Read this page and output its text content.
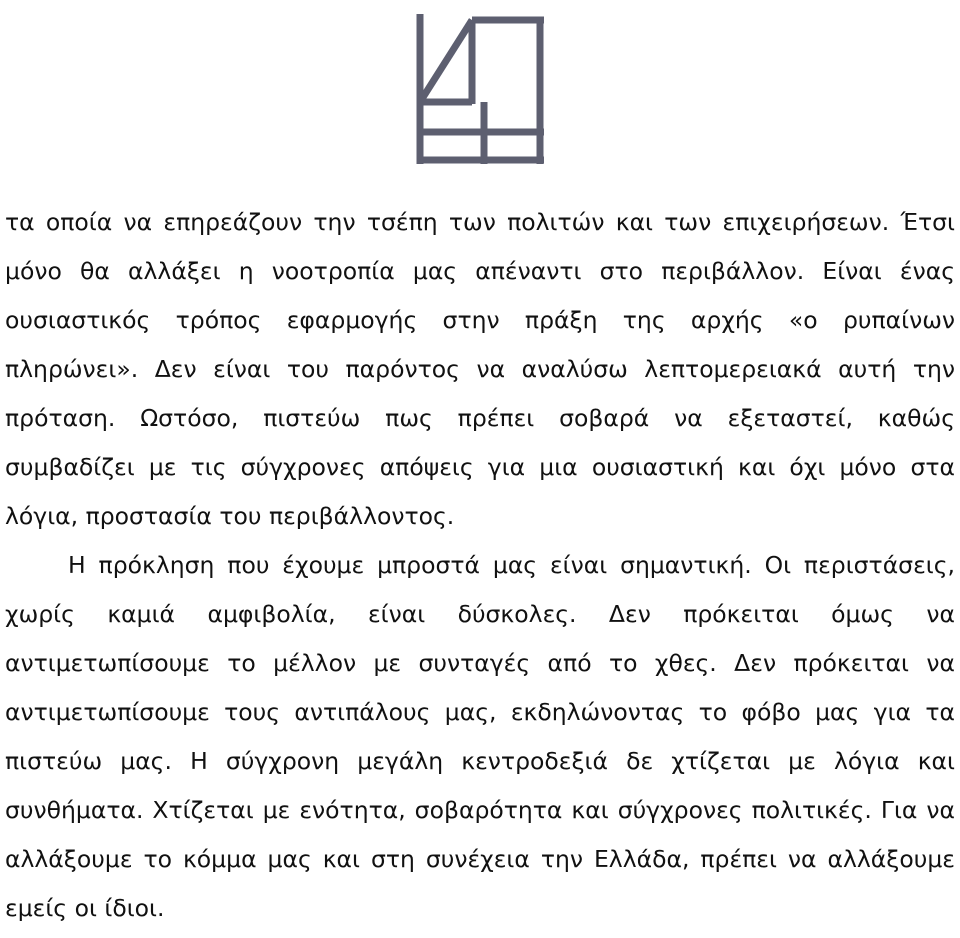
τα οποία να επηρεάζουν την τσέπη των πολιτών και των επιχειρήσεων. Έτσι
μόνο θα αλλάξει η νοοτροπία μας απέναντι στο περιβάλλον. Είναι ένας
ουσιαστικός τρόπος εφαρμογής στην πράξη της αρχής «ο ρυπαίνων
πληρώνει». Δεν είναι του παρόντος να αναλύσω λεπτομερειακά αυτή την
πρόταση. Ωστόσο, πιστεύω πως πρέπει σοβαρά να εξεταστεί, καθώς
συμβαδίζει με τις σύγχρονες απόψεις για μια ουσιαστική και όχι μόνο στα
λόγια, προστασία του περιβάλλοντος.
Η πρόκληση που έχουμε μπροστά μας είναι σημαντική. Οι περιστάσεις,
χωρίς καμιά αμφιβολία, είναι δύσκολες. Δεν πρόκειται όμως να
αντιμετωπίσουμε το μέλλον με συνταγές από το χθες. Δεν πρόκειται να
αντιμετωπίσουμε τους αντιπάλους μας, εκδηλώνοντας το φόβο μας για τα
πιστεύω μας. Η σύγχρονη μεγάλη κεντροδεξιά δε χτίζεται με λόγια και
συνθήματα. Χτίζεται με ενότητα, σοβαρότητα και σύγχρονες πολιτικές. Για να
αλλάξουμε το κόμμα μας και στη συνέχεια την Ελλάδα, πρέπει να αλλάξουμε
εμείς οι ίδιοι.
